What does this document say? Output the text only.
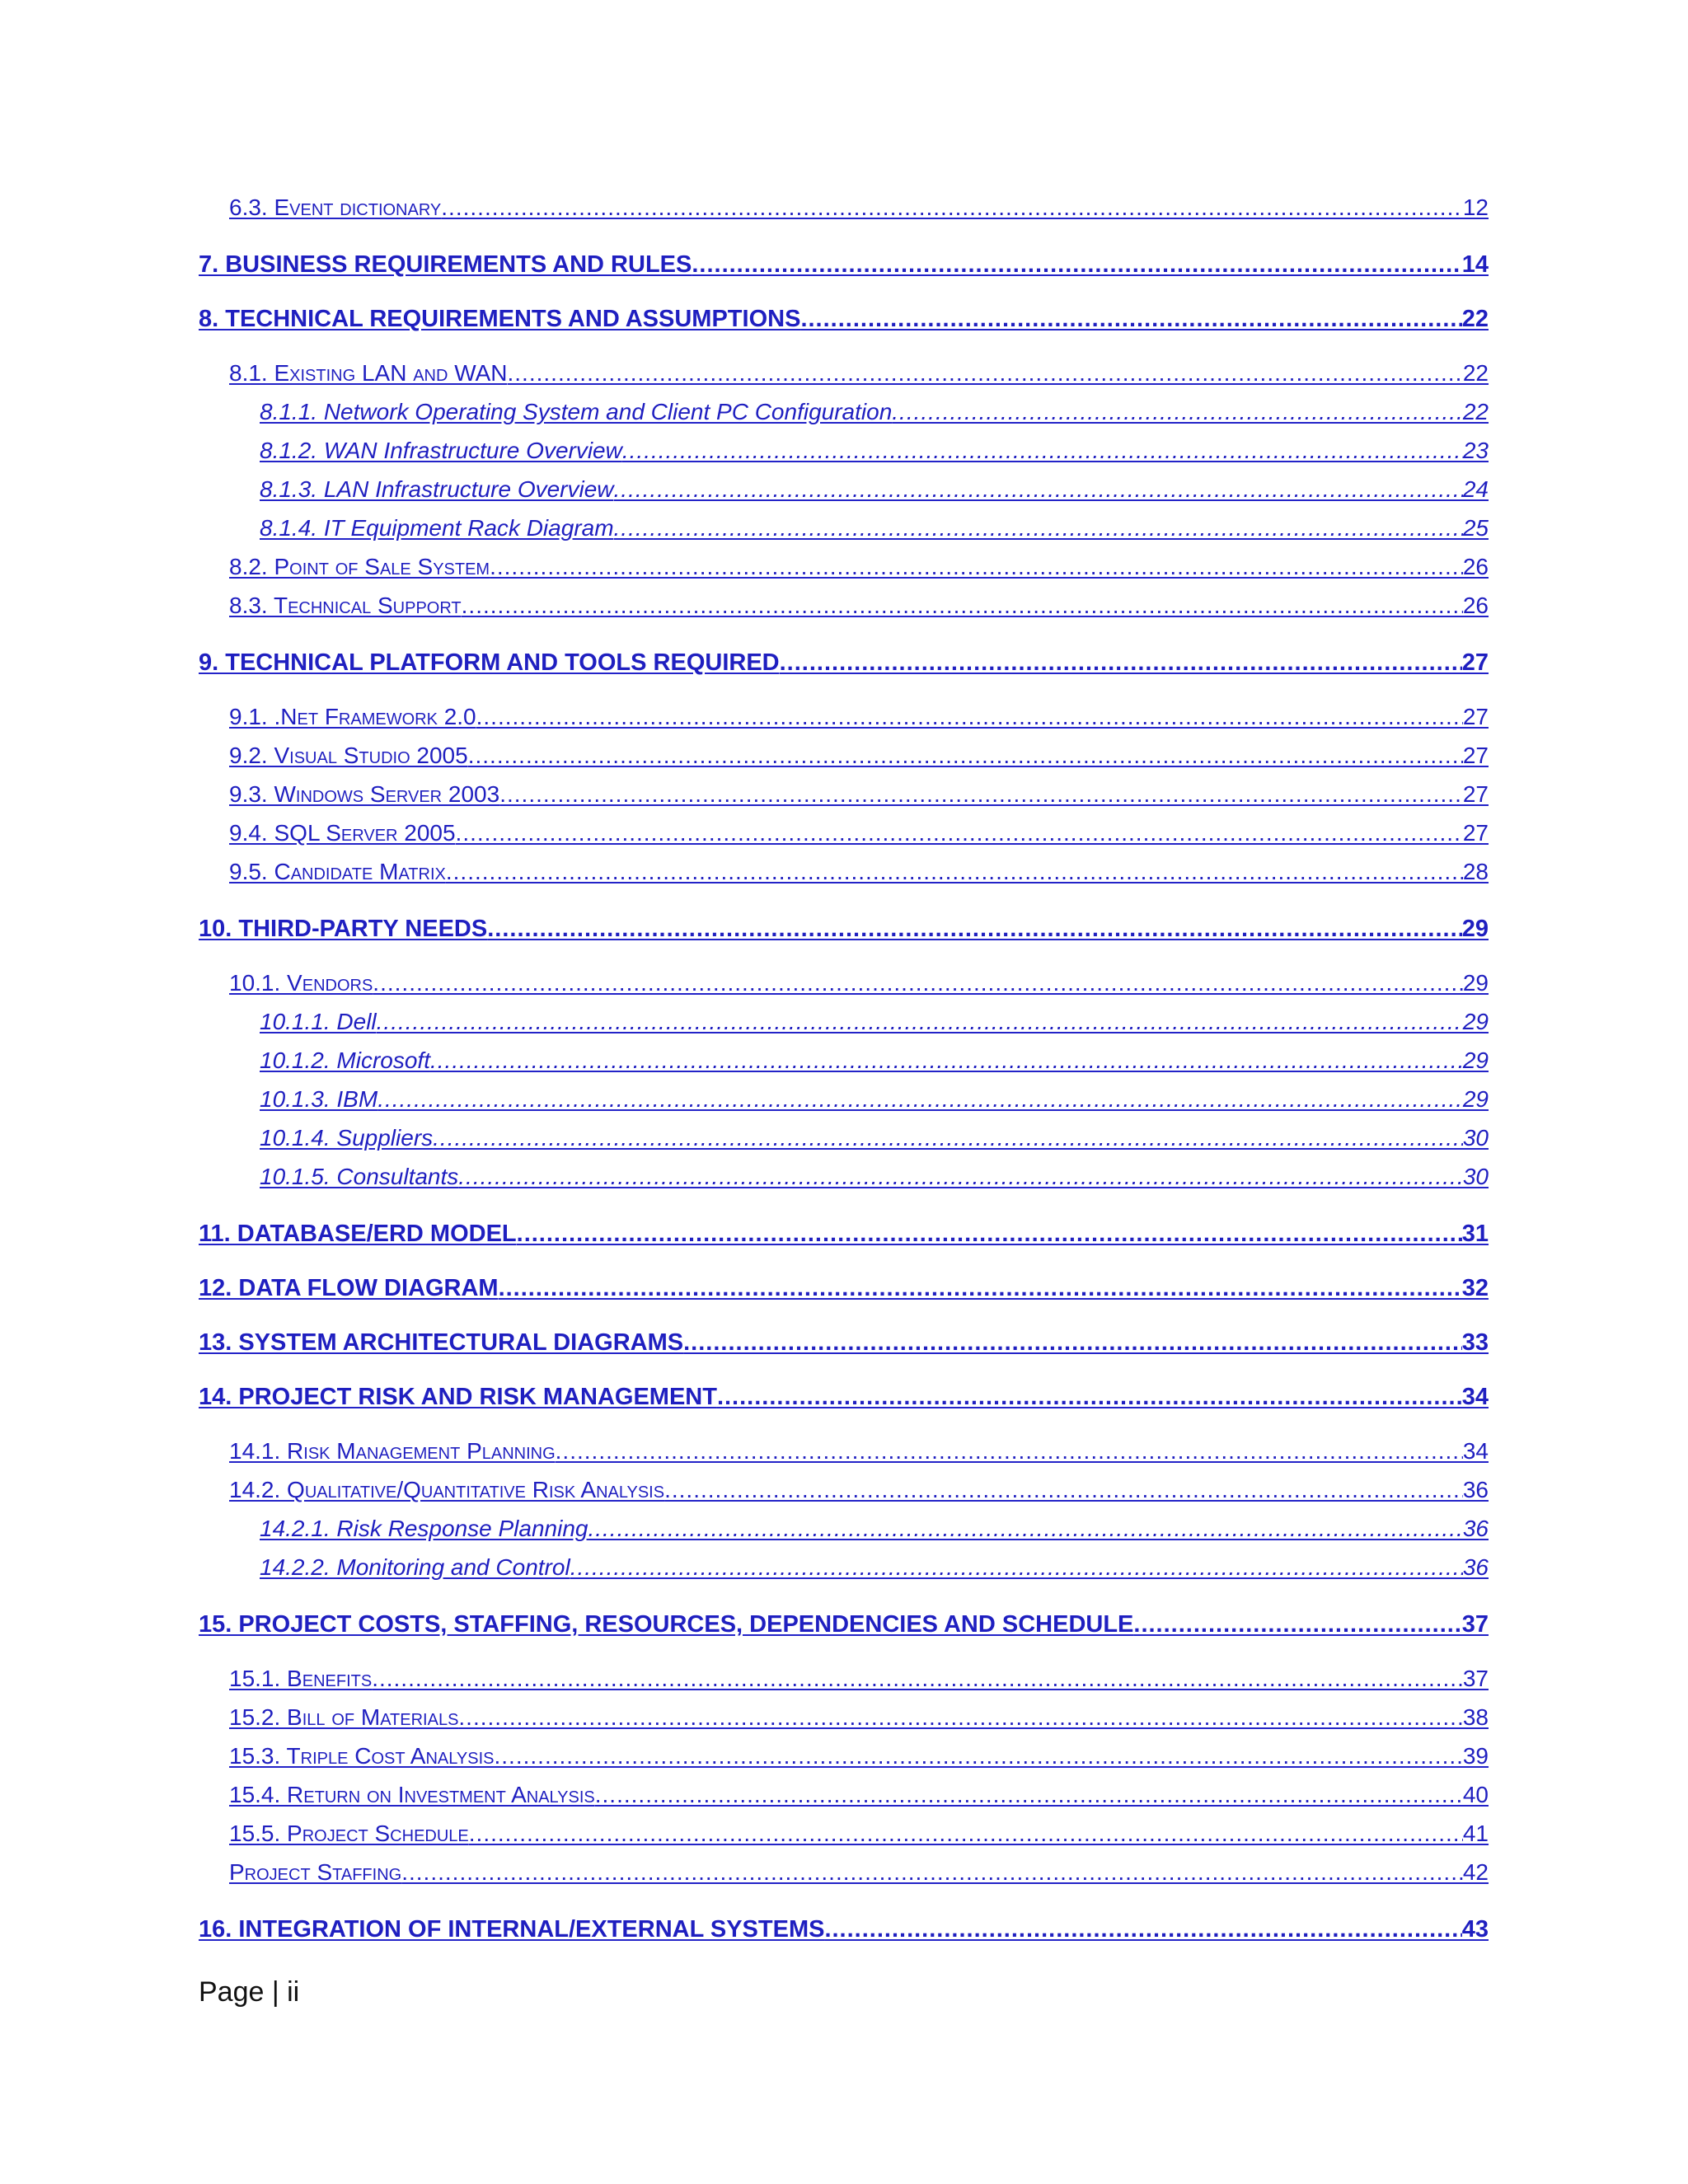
6.3. Event dictionary .....	12
7. BUSINESS REQUIREMENTS AND RULES .....	14
8. TECHNICAL REQUIREMENTS AND ASSUMPTIONS .....	22
8.1. Existing LAN and WAN .....	22
8.1.1. Network Operating System and Client PC Configuration .....	22
8.1.2. WAN Infrastructure Overview .....	23
8.1.3. LAN Infrastructure Overview .....	24
8.1.4. IT Equipment Rack Diagram .....	25
8.2. Point of Sale System .....	26
8.3. Technical Support .....	26
9. TECHNICAL PLATFORM AND TOOLS REQUIRED .....	27
9.1. .Net Framework 2.0 .....	27
9.2. Visual Studio 2005 .....	27
9.3. Windows Server 2003 .....	27
9.4. SQL Server 2005 .....	27
9.5. Candidate Matrix .....	28
10. THIRD-PARTY NEEDS .....	29
10.1. Vendors .....	29
10.1.1. Dell .....	29
10.1.2. Microsoft .....	29
10.1.3. IBM .....	29
10.1.4. Suppliers .....	30
10.1.5. Consultants .....	30
11. DATABASE/ERD MODEL .....	31
12. DATA FLOW DIAGRAM .....	32
13. SYSTEM ARCHITECTURAL DIAGRAMS .....	33
14. PROJECT RISK AND RISK MANAGEMENT .....	34
14.1. Risk Management Planning .....	34
14.2. Qualitative/Quantitative Risk Analysis .....	36
14.2.1. Risk Response Planning .....	36
14.2.2. Monitoring and Control .....	36
15. PROJECT COSTS, STAFFING, RESOURCES, DEPENDENCIES AND SCHEDULE .....	37
15.1. Benefits .....	37
15.2. Bill of Materials .....	38
15.3. Triple Cost Analysis .....	39
15.4. Return on Investment Analysis .....	40
15.5. Project Schedule .....	41
Project Staffing .....	42
16. INTEGRATION OF INTERNAL/EXTERNAL SYSTEMS .....	43
Page | ii
